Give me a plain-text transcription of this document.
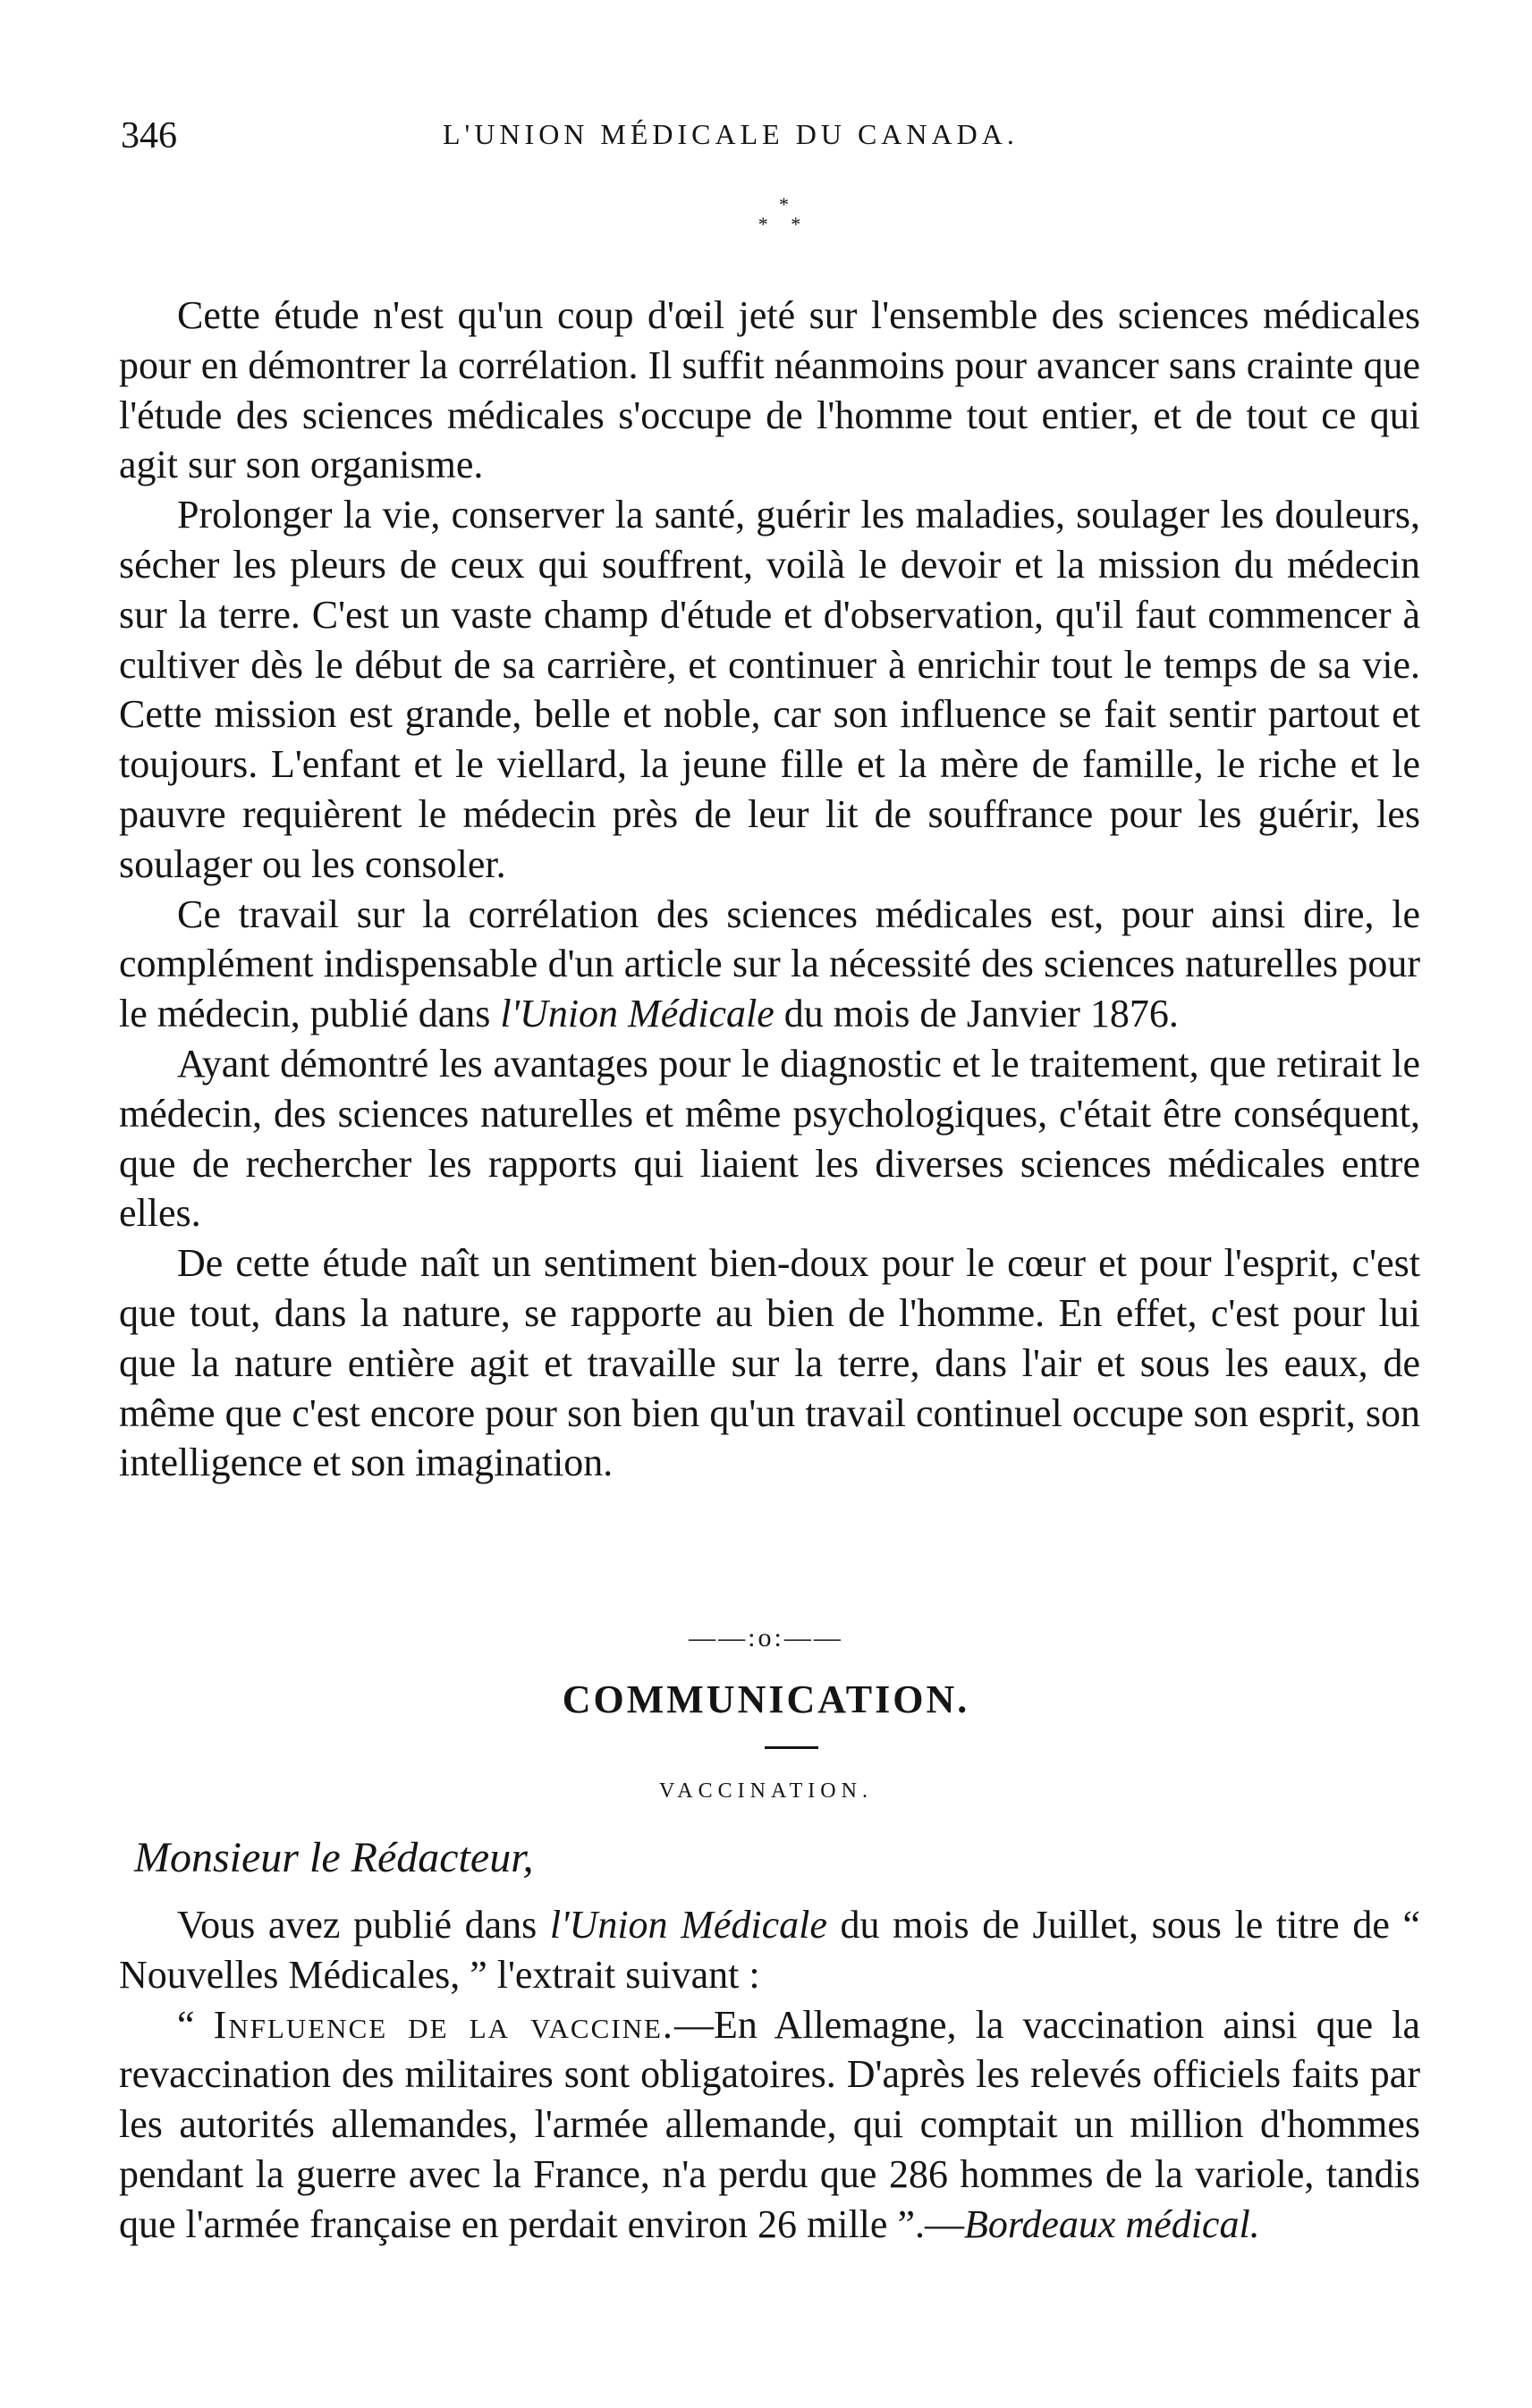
346	L'UNION MÉDICALE DU CANADA.
*
* *

Cette étude n'est qu'un coup d'œil jeté sur l'ensemble des sciences médicales pour en démontrer la corrélation. Il suffit néanmoins pour avancer sans crainte que l'étude des sciences médicales s'occupe de l'homme tout entier, et de tout ce qui agit sur son organisme.

Prolonger la vie, conserver la santé, guérir les maladies, soulager les douleurs, sécher les pleurs de ceux qui souffrent, voilà le devoir et la mission du médecin sur la terre. C'est un vaste champ d'étude et d'observation, qu'il faut commencer à cultiver dès le début de sa carrière, et continuer à enrichir tout le temps de sa vie. Cette mission est grande, belle et noble, car son influence se fait sentir partout et toujours. L'enfant et le viellard, la jeune fille et la mère de famille, le riche et le pauvre requièrent le médecin près de leur lit de souffrance pour les guérir, les soulager ou les consoler.

Ce travail sur la corrélation des sciences médicales est, pour ainsi dire, le complément indispensable d'un article sur la nécessité des sciences naturelles pour le médecin, publié dans l'Union Médicale du mois de Janvier 1876.

Ayant démontré les avantages pour le diagnostic et le traitement, que retirait le médecin, des sciences naturelles et même psychologiques, c'était être conséquent, que de rechercher les rapports qui liaient les diverses sciences médicales entre elles.

De cette étude naît un sentiment bien-doux pour le cœur et pour l'esprit, c'est que tout, dans la nature, se rapporte au bien de l'homme. En effet, c'est pour lui que la nature entière agit et travaille sur la terre, dans l'air et sous les eaux, de même que c'est encore pour son bien qu'un travail continuel occupe son esprit, son intelligence et son imagination.

——:o:——
COMMUNICATION.
VACCINATION.
Monsieur le Rédacteur,

Vous avez publié dans l'Union Médicale du mois de Juillet, sous le titre de “ Nouvelles Médicales, ” l'extrait suivant :

“ Influence de la vaccine.—En Allemagne, la vaccination ainsi que la revaccination des militaires sont obligatoires. D'après les relevés officiels faits par les autorités allemandes, l'armée allemande, qui comptait un million d'hommes pendant la guerre avec la France, n'a perdu que 286 hommes de la variole, tandis que l'armée française en perdait environ 26 mille ”.—Bordeaux médical.
